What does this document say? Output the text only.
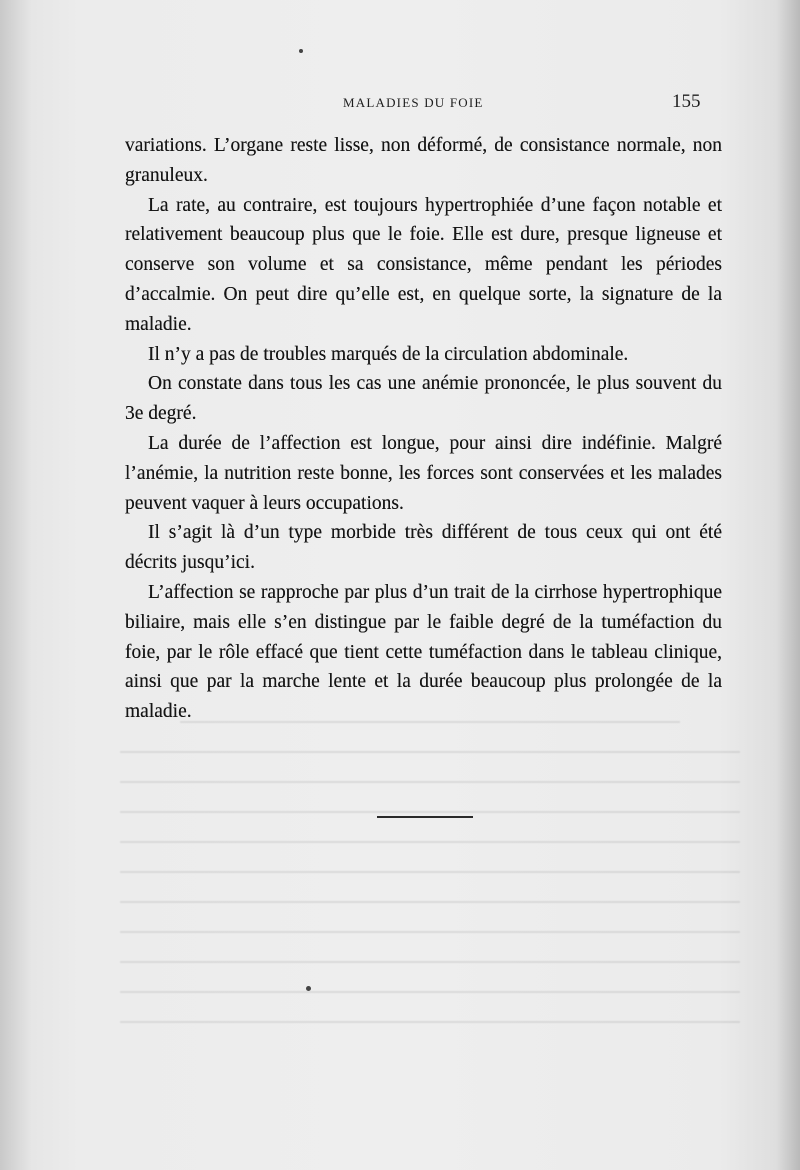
MALADIES DU FOIE	155

variations. L’organe reste lisse, non déformé, de consistance normale, non granuleux.

La rate, au contraire, est toujours hypertrophiée d’une façon notable et relativement beaucoup plus que le foie. Elle est dure, presque ligneuse et conserve son volume et sa consistance, même pendant les périodes d’accalmie. On peut dire qu’elle est, en quelque sorte, la signature de la maladie.

Il n’y a pas de troubles marqués de la circulation abdominale.

On constate dans tous les cas une anémie prononcée, le plus souvent du 3e degré.

La durée de l’affection est longue, pour ainsi dire indéfinie. Malgré l’anémie, la nutrition reste bonne, les forces sont conservées et les malades peuvent vaquer à leurs occupations.

Il s’agit là d’un type morbide très différent de tous ceux qui ont été décrits jusqu’ici.

L’affection se rapproche par plus d’un trait de la cirrhose hypertrophique biliaire, mais elle s’en distingue par le faible degré de la tuméfaction du foie, par le rôle effacé que tient cette tuméfaction dans le tableau clinique, ainsi que par la marche lente et la durée beaucoup plus prolongée de la maladie.
